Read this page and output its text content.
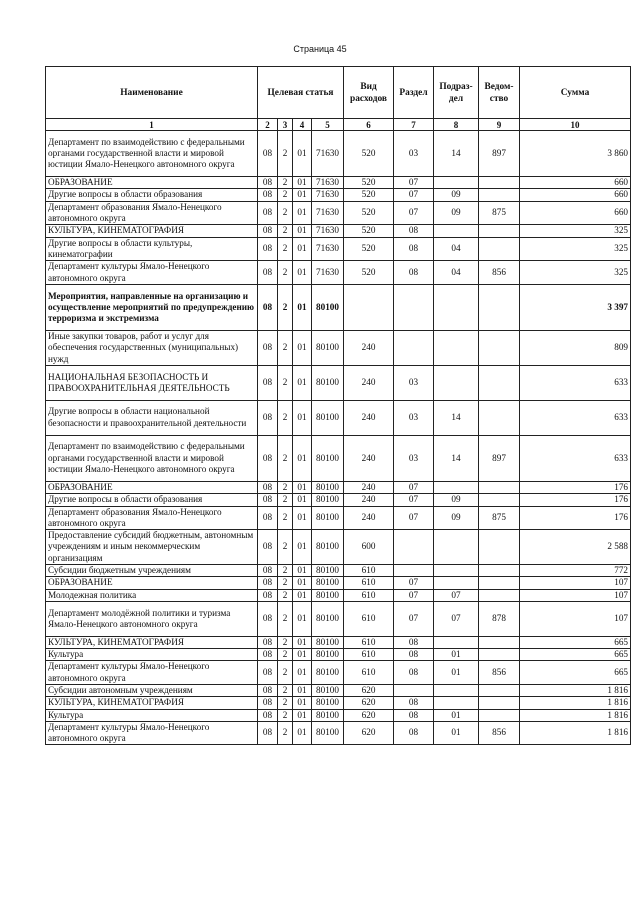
Страница 45
Наименование	Целевая статья				Вид расходов	Раздел	Подраз-дел	Ведом-ство	Сумма
1	2	3	4	5	6	7	8	9	10
Департамент по взаимодействию с федеральными органами государственной власти и мировой юстиции Ямало-Ненецкого автономного округа	08	2	01	71630	520	03	14	897	3 860
ОБРАЗОВАНИЕ	08	2	01	71630	520	07			660
Другие вопросы в области образования	08	2	01	71630	520	07	09		660
Департамент образования Ямало-Ненецкого автономного округа	08	2	01	71630	520	07	09	875	660
КУЛЬТУРА, КИНЕМАТОГРАФИЯ	08	2	01	71630	520	08			325
Другие вопросы в области культуры, кинематографии	08	2	01	71630	520	08	04		325
Департамент культуры Ямало-Ненецкого автономного округа	08	2	01	71630	520	08	04	856	325
Мероприятия, направленные на организацию и осуществление мероприятий по предупреждению терроризма и экстремизма	08	2	01	80100					3 397
Иные закупки товаров, работ и услуг для обеспечения государственных (муниципальных) нужд	08	2	01	80100	240				809
НАЦИОНАЛЬНАЯ БЕЗОПАСНОСТЬ И ПРАВООХРАНИТЕЛЬНАЯ ДЕЯТЕЛЬНОСТЬ	08	2	01	80100	240	03			633
Другие вопросы в области национальной безопасности и правоохранительной деятельности	08	2	01	80100	240	03	14		633
Департамент по взаимодействию с федеральными органами государственной власти и мировой юстиции Ямало-Ненецкого автономного округа	08	2	01	80100	240	03	14	897	633
ОБРАЗОВАНИЕ	08	2	01	80100	240	07			176
Другие вопросы в области образования	08	2	01	80100	240	07	09		176
Департамент образования Ямало-Ненецкого автономного округа	08	2	01	80100	240	07	09	875	176
Предоставление субсидий бюджетным, автономным учреждениям и иным некоммерческим организациям	08	2	01	80100	600				2 588
Субсидии бюджетным учреждениям	08	2	01	80100	610				772
ОБРАЗОВАНИЕ	08	2	01	80100	610	07			107
Молодежная политика	08	2	01	80100	610	07	07		107
Департамент молодёжной политики и туризма Ямало-Ненецкого автономного округа	08	2	01	80100	610	07	07	878	107
КУЛЬТУРА, КИНЕМАТОГРАФИЯ	08	2	01	80100	610	08			665
Культура	08	2	01	80100	610	08	01		665
Департамент культуры Ямало-Ненецкого автономного округа	08	2	01	80100	610	08	01	856	665
Субсидии автономным учреждениям	08	2	01	80100	620				1 816
КУЛЬТУРА, КИНЕМАТОГРАФИЯ	08	2	01	80100	620	08			1 816
Культура	08	2	01	80100	620	08	01		1 816
Департамент культуры Ямало-Ненецкого автономного округа	08	2	01	80100	620	08	01	856	1 816
